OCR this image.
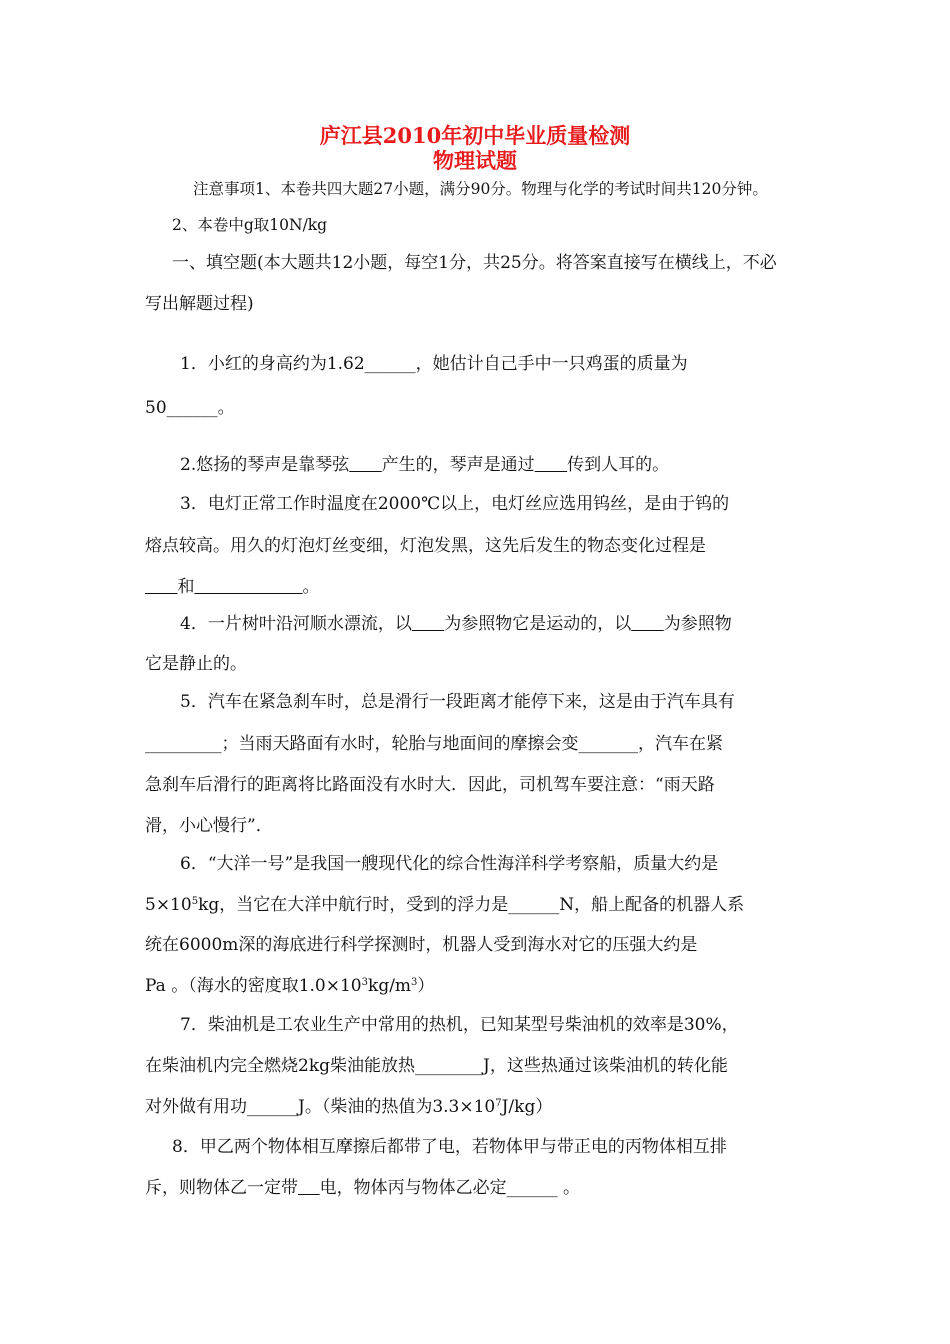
庐江县2010年初中毕业质量检测
物理试题
注意事项1、本卷共四大题27小题，满分90分。物理与化学的考试时间共120分钟。
2、本卷中g取10N/kg
一、填空题(本大题共12小题，每空1分，共25分。将答案直接写在横线上，不必
写出解题过程)
1．小红的身高约为1.62______，她估计自己手中一只鸡蛋的质量为
50______。
2.悠扬的琴声是靠琴弦 产生的，琴声是通过 传到人耳的。
3．电灯正常工作时温度在2000℃以上，电灯丝应选用钨丝，是由于钨的
熔点较高。用久的灯泡灯丝变细，灯泡发黑，这先后发生的物态变化过程是
和	。
4．一片树叶沿河顺水漂流，以 为参照物它是运动的，以 为参照物
它是静止的。
5．汽车在紧急刹车时，总是滑行一段距离才能停下来，这是由于汽车具有
_________；当雨天路面有水时，轮胎与地面间的摩擦会变_______，汽车在紧
急刹车后滑行的距离将比路面没有水时大．因此，司机驾车要注意：“雨天路
滑，小心慢行”．
6．“大洋一号”是我国一艘现代化的综合性海洋科学考察船，质量大约是
$5\times 10^5kg$，当它在大洋中航行时，受到的浮力是______N，船上配备的机器人系
统在6000m深的海底进行科学探测时，机器人受到海水对它的压强大约是
Pa 。（海水的密度取$1.0\times 10^3kg/m^3$）
7．柴油机是工农业生产中常用的热机，已知某型号柴油机的效率是30%，
在柴油机内完全燃烧2kg柴油能放热________J，这些热通过该柴油机的转化能
对外做有用功______J。（柴油的热值为$3.3\times 10^7J/kg$）
8．甲乙两个物体相互摩擦后都带了电，若物体甲与带正电的丙物体相互排
斥，则物体乙一定带 电，物体丙与物体乙必定______ 。
